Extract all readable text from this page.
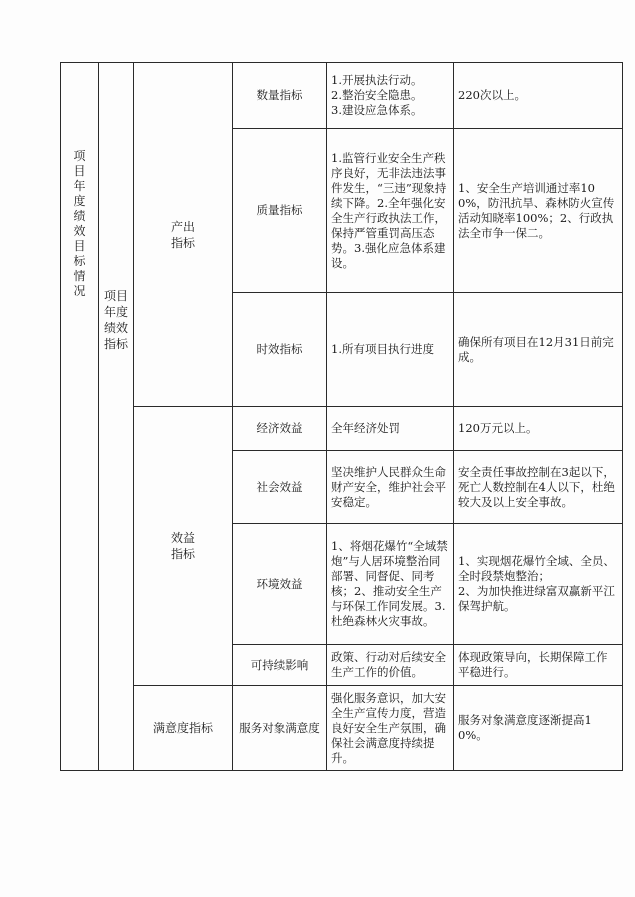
项目年度绩效目标情况	项目年度绩效指标	产出指标	数量指标	1.开展执法行动。
2.整治安全隐患。
3.建设应急体系。	220次以上。
			质量指标	1.监管行业安全生产秩序良好，无非法违法事件发生，“三违”现象持续下降。2.全年强化安全生产行政执法工作，保持严管重罚高压态势。3.强化应急体系建设。	1、安全生产培训通过率100%，防汛抗旱、森林防火宣传活动知晓率100%；2、行政执法全市争一保二。
			时效指标	1.所有项目执行进度	确保所有项目在12月31日前完成。
		效益指标	经济效益	全年经济处罚	120万元以上。
			社会效益	坚决维护人民群众生命财产安全，维护社会平安稳定。	安全责任事故控制在3起以下，死亡人数控制在4人以下，杜绝较大及以上安全事故。
			环境效益	1、将烟花爆竹“全域禁炮”与人居环境整治同部署、同督促、同考核；2、推动安全生产与环保工作同发展。3.杜绝森林火灾事故。	1、实现烟花爆竹全域、全员、全时段禁炮整治；
2、为加快推进绿富双赢新平江保驾护航。
			可持续影响	政策、行动对后续安全生产工作的价值。	体现政策导向，长期保障工作平稳进行。
		满意度指标	服务对象满意度	强化服务意识，加大安全生产宣传力度，营造良好安全生产氛围，确保社会满意度持续提升。	服务对象满意度逐渐提高10%。
